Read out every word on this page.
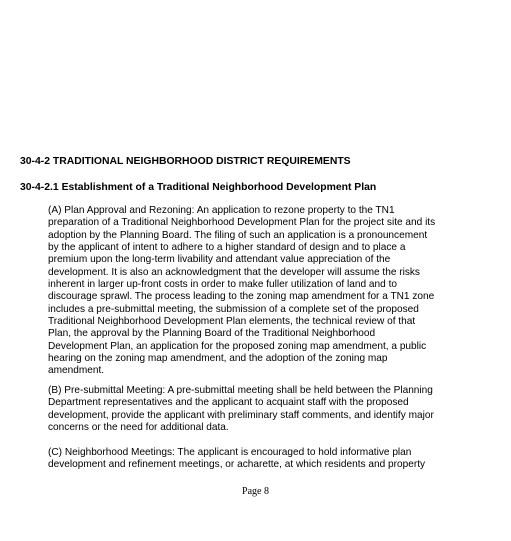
30-4-2 TRADITIONAL NEIGHBORHOOD DISTRICT REQUIREMENTS

30-4-2.1 Establishment of a Traditional Neighborhood Development Plan

(A) Plan Approval and Rezoning: An application to rezone property to the TN1
preparation of a Traditional Neighborhood Development Plan for the project site and its
adoption by the Planning Board. The filing of such an application is a pronouncement
by the applicant of intent to adhere to a higher standard of design and to place a
premium upon the long-term livability and attendant value appreciation of the
development. It is also an acknowledgment that the developer will assume the risks
inherent in larger up-front costs in order to make fuller utilization of land and to
discourage sprawl. The process leading to the zoning map amendment for a TN1 zone
includes a pre-submittal meeting, the submission of a complete set of the proposed
Traditional Neighborhood Development Plan elements, the technical review of that
Plan, the approval by the Planning Board of the Traditional Neighborhood
Development Plan, an application for the proposed zoning map amendment, a public
hearing on the zoning map amendment, and the adoption of the zoning map
amendment.
(B) Pre-submittal Meeting: A pre-submittal meeting shall be held between the Planning
Department representatives and the applicant to acquaint staff with the proposed
development, provide the applicant with preliminary staff comments, and identify major
concerns or the need for additional data.
(C) Neighborhood Meetings: The applicant is encouraged to hold informative plan
development and refinement meetings, or acharette, at which residents and property

Page 8
